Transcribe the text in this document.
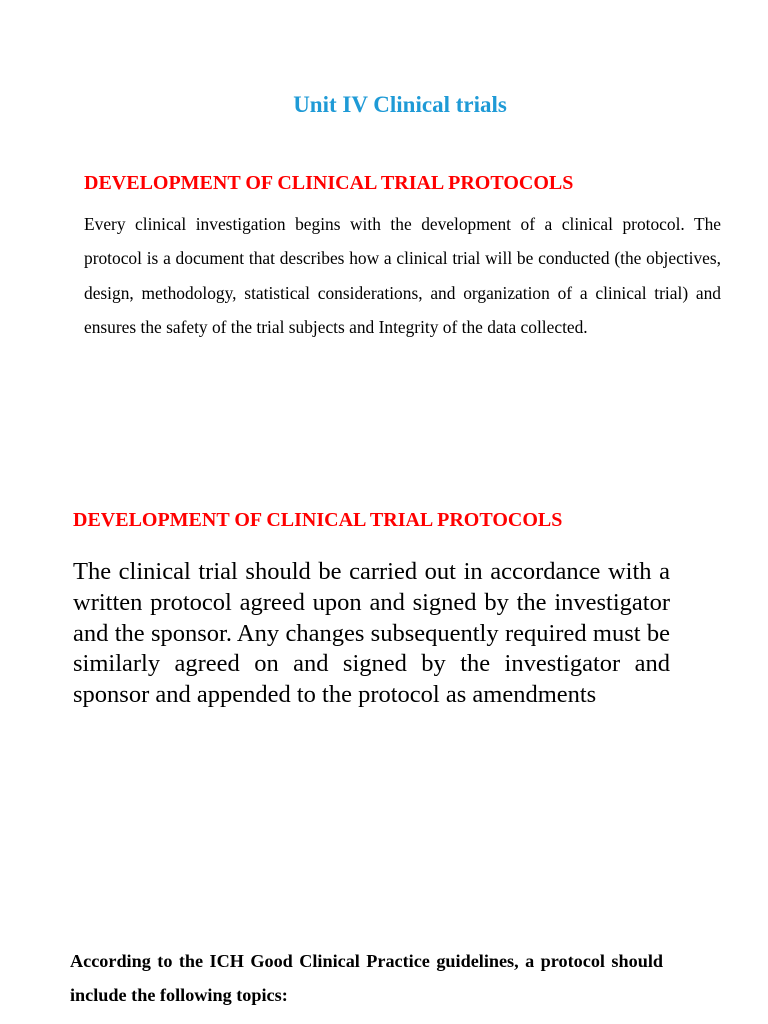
Unit IV Clinical trials
DEVELOPMENT OF CLINICAL TRIAL PROTOCOLS

Every clinical investigation begins with the development of a clinical protocol. The protocol is a document that describes how a clinical trial will be conducted (the objectives, design, methodology, statistical considerations, and organization of a clinical trial) and ensures the safety of the trial subjects and Integrity of the data collected.

DEVELOPMENT OF CLINICAL TRIAL PROTOCOLS

The clinical trial should be carried out in accordance with a written protocol agreed upon and signed by the investigator and the sponsor. Any changes subsequently required must be similarly agreed on and signed by the investigator and sponsor and appended to the protocol as amendments

According to the ICH Good Clinical Practice guidelines, a protocol should include the following topics:
